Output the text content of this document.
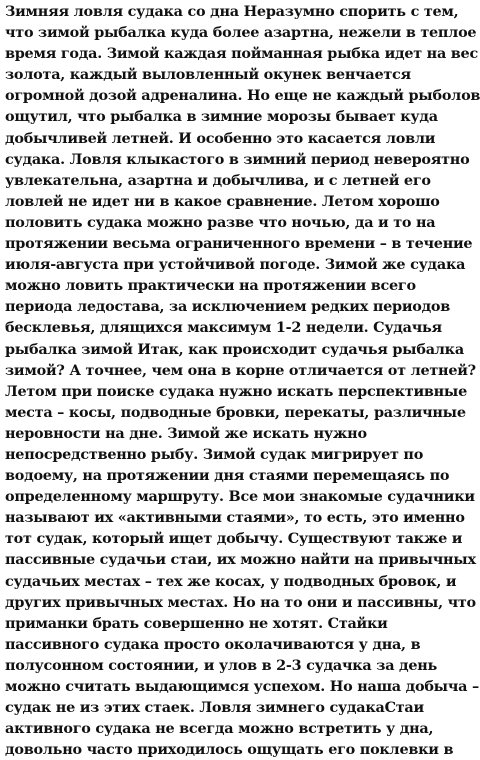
Зимняя ловля судака со дна Неразумно спорить с тем,
что зимой рыбалка куда более азартна, нежели в теплое
время года. Зимой каждая пойманная рыбка идет на вес
золота, каждый выловленный окунек венчается
огромной дозой адреналина. Но еще не каждый рыболов
ощутил, что рыбалка в зимние морозы бывает куда
добычливей летней. И особенно это касается ловли
судака. Ловля клыкастого в зимний период невероятно
увлекательна, азартна и добычлива, и с летней его
ловлей не идет ни в какое сравнение. Летом хорошо
половить судака можно разве что ночью, да и то на
протяжении весьма ограниченного времени – в течение
июля-августа при устойчивой погоде. Зимой же судака
можно ловить практически на протяжении всего
периода ледостава, за исключением редких периодов
бесклевья, длящихся максимум 1-2 недели. Судачья
рыбалка зимой Итак, как происходит судачья рыбалка
зимой? А точнее, чем она в корне отличается от летней?
Летом при поиске судака нужно искать перспективные
места – косы, подводные бровки, перекаты, различные
неровности на дне. Зимой же искать нужно
непосредственно рыбу. Зимой судак мигрирует по
водоему, на протяжении дня стаями перемещаясь по
определенному маршруту. Все мои знакомые судачники
называют их «активными стаями», то есть, это именно
тот судак, который ищет добычу. Существуют также и
пассивные судачьи стаи, их можно найти на привычных
судачьих местах – тех же косах, у подводных бровок, и
других привычных местах. Но на то они и пассивны, что
приманки брать совершенно не хотят. Стайки
пассивного судака просто околачиваются у дна, в
полусонном состоянии, и улов в 2-3 судачка за день
можно считать выдающимся успехом. Но наша добыча –
судак не из этих стаек. Ловля зимнего судакаСтаи
активного судака не всегда можно встретить у дна,
довольно часто приходилось ощущать его поклевки в
